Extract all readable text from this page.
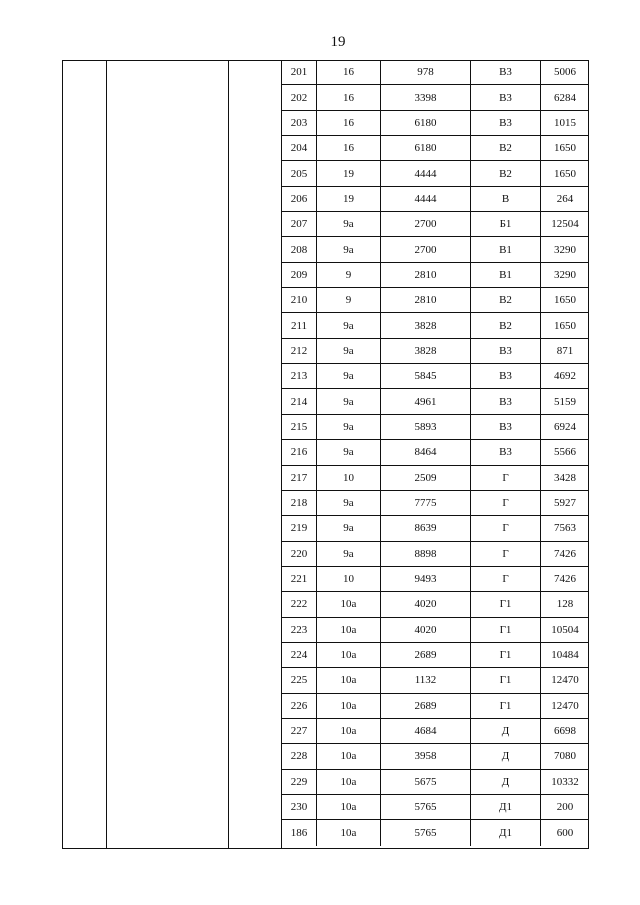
19
201	16	978	В3	5006
202	16	3398	В3	6284
203	16	6180	В3	1015
204	16	6180	В2	1650
205	19	4444	В2	1650
206	19	4444	В	264
207	9а	2700	Б1	12504
208	9а	2700	В1	3290
209	9	2810	В1	3290
210	9	2810	В2	1650
211	9а	3828	В2	1650
212	9а	3828	В3	871
213	9а	5845	В3	4692
214	9а	4961	В3	5159
215	9а	5893	В3	6924
216	9а	8464	В3	5566
217	10	2509	Г	3428
218	9а	7775	Г	5927
219	9а	8639	Г	7563
220	9а	8898	Г	7426
221	10	9493	Г	7426
222	10а	4020	Г1	128
223	10а	4020	Г1	10504
224	10а	2689	Г1	10484
225	10а	1132	Г1	12470
226	10а	2689	Г1	12470
227	10а	4684	Д	6698
228	10а	3958	Д	7080
229	10а	5675	Д	10332
230	10а	5765	Д1	200
186	10а	5765	Д1	600
